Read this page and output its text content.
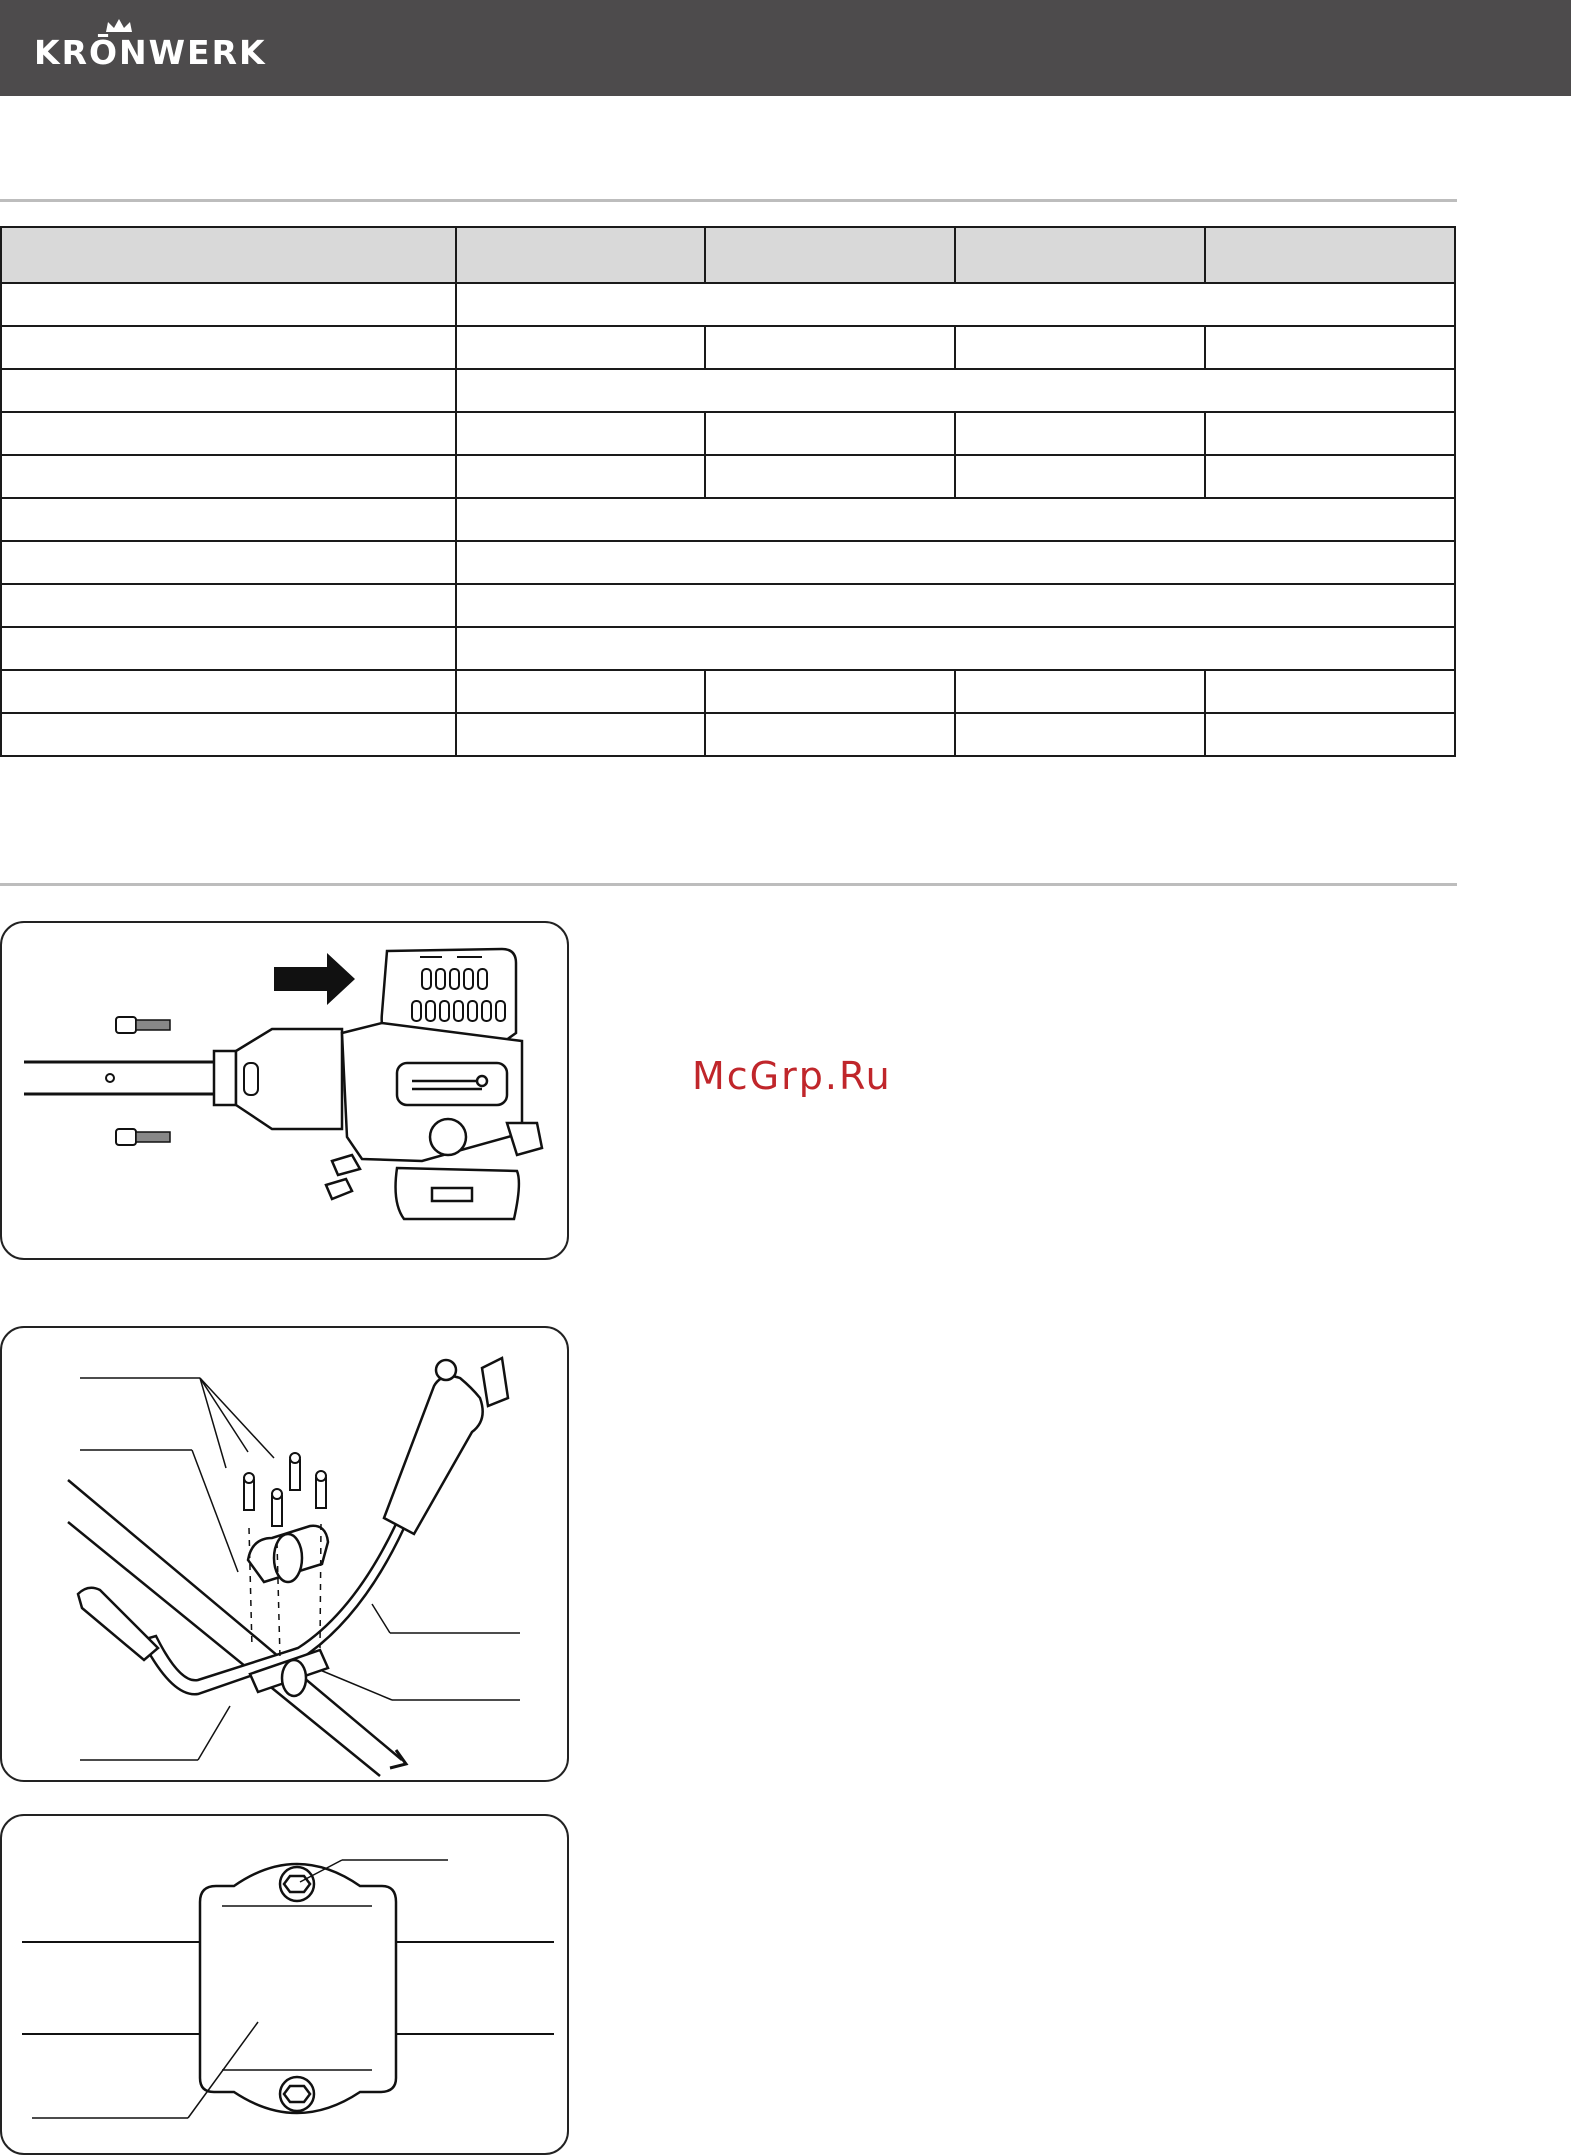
KRŌNWERK

McGrp.Ru
